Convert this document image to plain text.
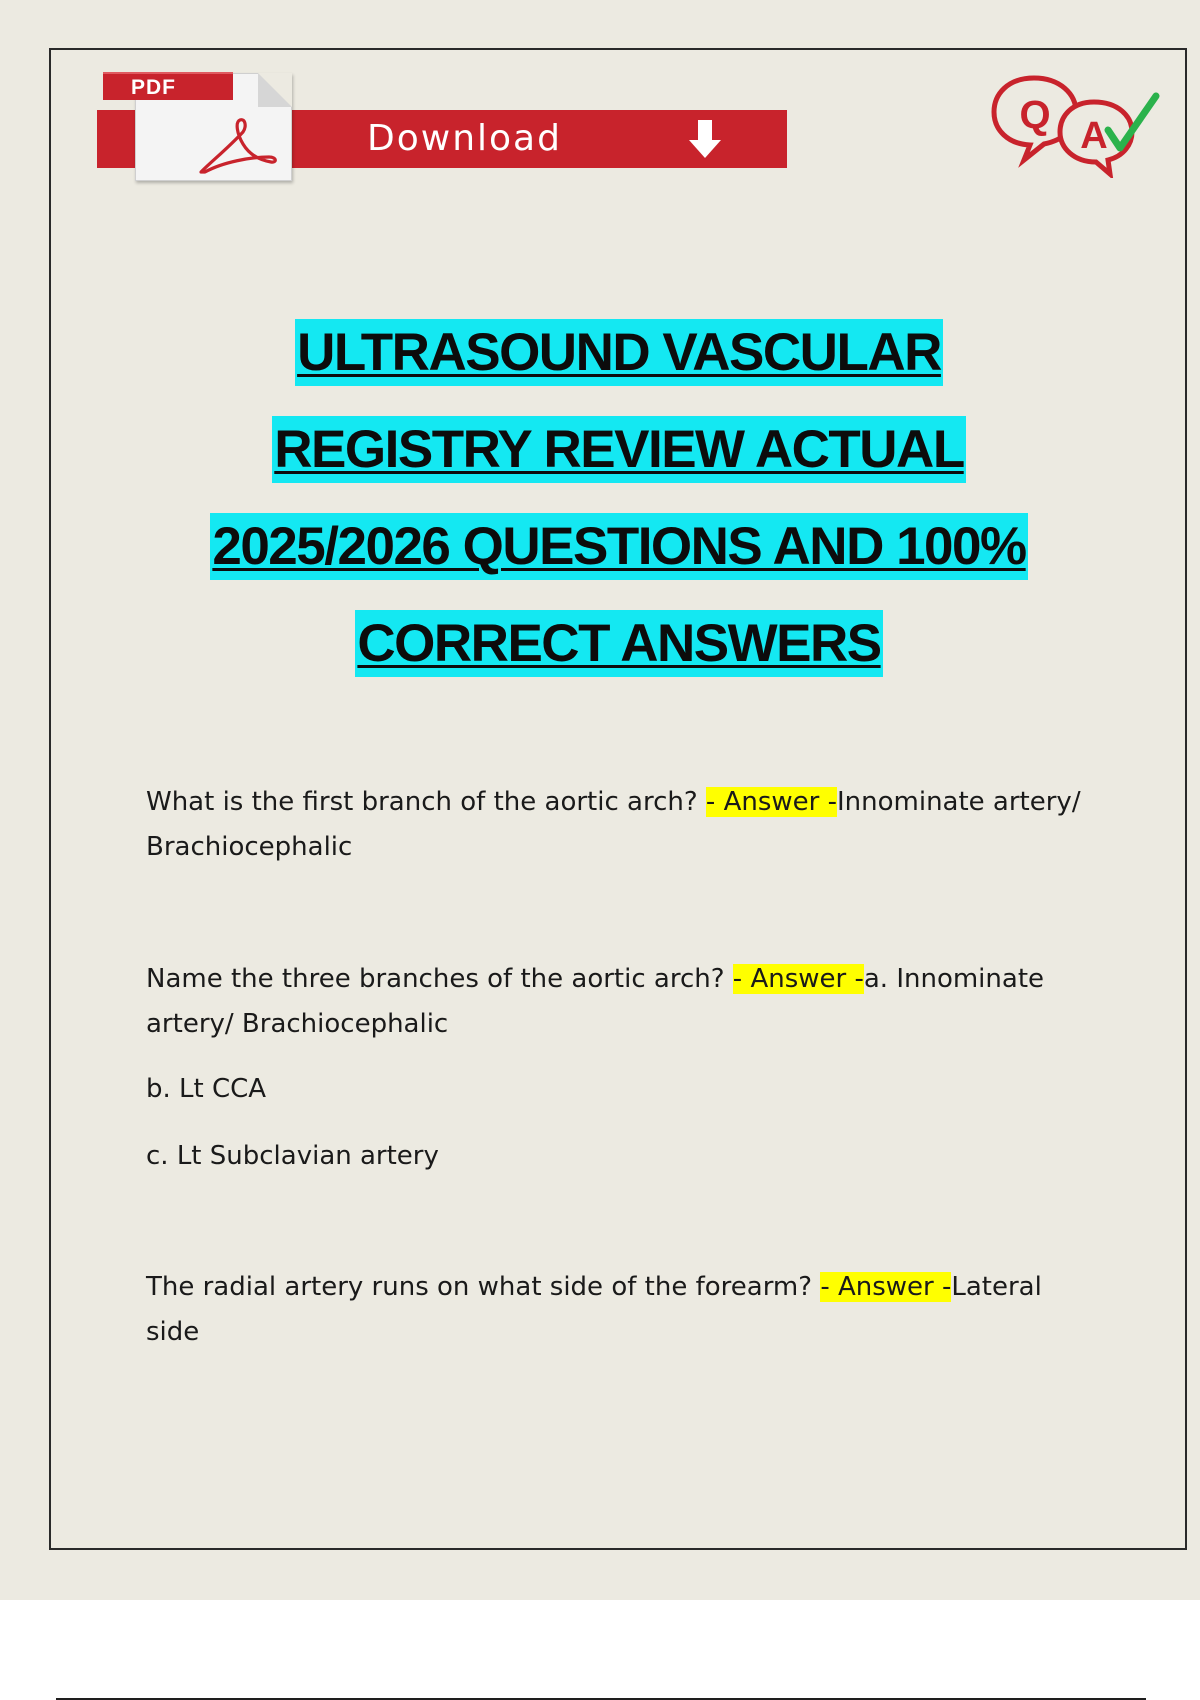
PDF
Download
Q A
ULTRASOUND VASCULAR
REGISTRY REVIEW ACTUAL
2025/2026 QUESTIONS AND 100%
CORRECT ANSWERS

What is the first branch of the aortic arch? - Answer -Innominate artery/

Brachiocephalic

Name the three branches of the aortic arch? - Answer -a. Innominate

artery/ Brachiocephalic

b. Lt CCA
c. Lt Subclavian artery

The radial artery runs on what side of the forearm? - Answer -Lateral

side
